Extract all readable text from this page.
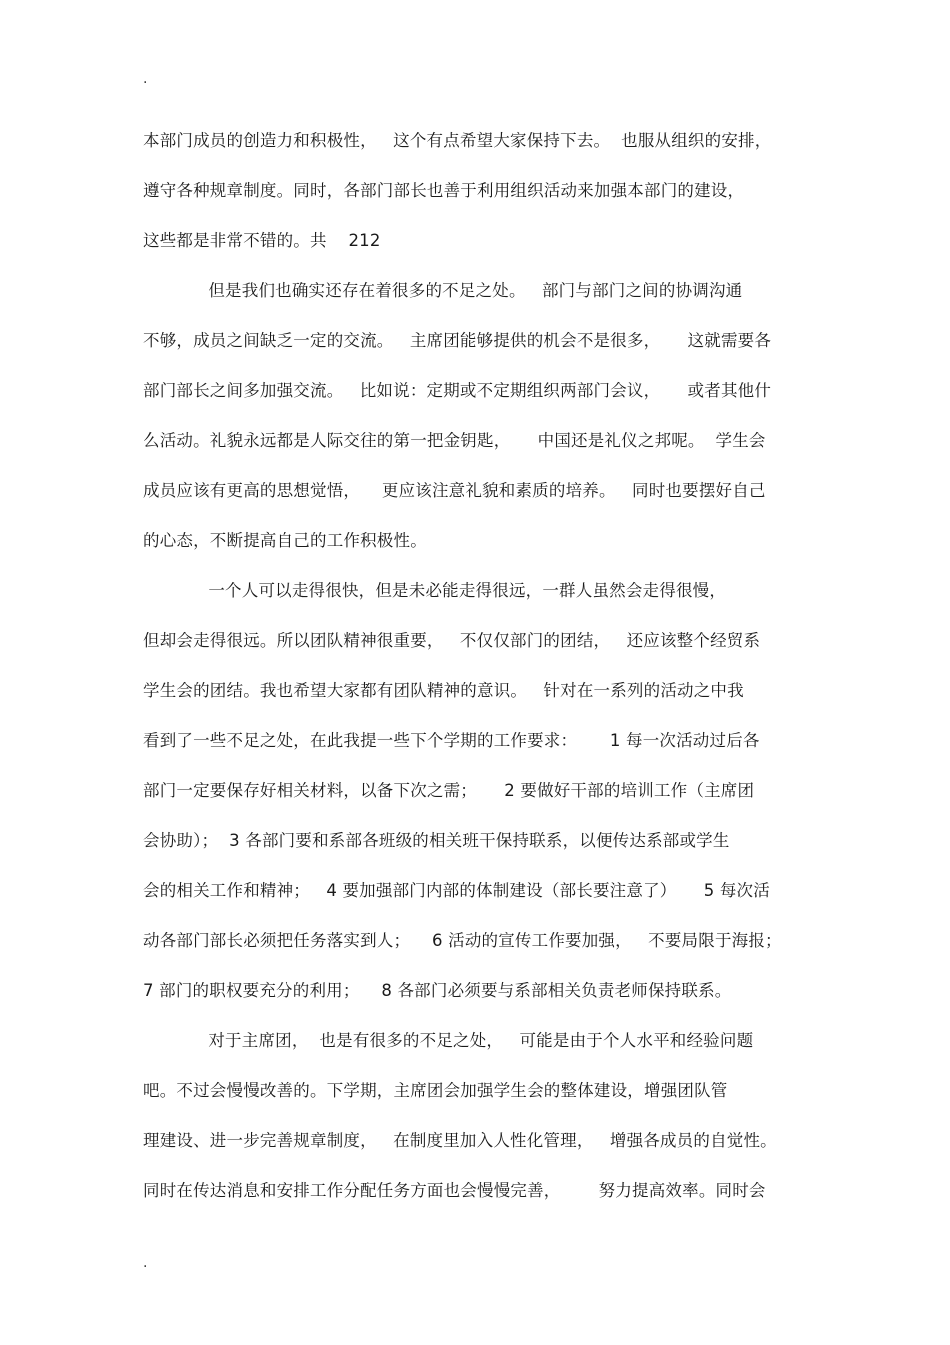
.
本部门成员的创造力和积极性，   这个有点希望大家保持下去。  也服从组织的安排，
遵守各种规章制度。同时，各部门部长也善于利用组织活动来加强本部门的建设，
这些都是非常不错的。共    212
但是我们也确实还存在着很多的不足之处。   部门与部门之间的协调沟通
不够，成员之间缺乏一定的交流。   主席团能够提供的机会不是很多，     这就需要各
部门部长之间多加强交流。   比如说：定期或不定期组织两部门会议，     或者其他什
么活动。礼貌永远都是人际交往的第一把金钥匙，     中国还是礼仪之邦呢。  学生会
成员应该有更高的思想觉悟，    更应该注意礼貌和素质的培养。   同时也要摆好自己
的心态，不断提高自己的工作积极性。
一个人可以走得很快，但是未必能走得很远，一群人虽然会走得很慢，
但却会走得很远。所以团队精神很重要，   不仅仅部门的团结，   还应该整个经贸系
学生会的团结。我也希望大家都有团队精神的意识。   针对在一系列的活动之中我
看到了一些不足之处，在此我提一些下个学期的工作要求：      1 每一次活动过后各
部门一定要保存好相关材料，以备下次之需；     2 要做好干部的培训工作（主席团
会协助）；  3 各部门要和系部各班级的相关班干保持联系，以便传达系部或学生
会的相关工作和精神；   4 要加强部门内部的体制建设（部长要注意了）     5 每次活
动各部门部长必须把任务落实到人；    6 活动的宣传工作要加强，   不要局限于海报；
7 部门的职权要充分的利用；    8 各部门必须要与系部相关负责老师保持联系。
对于主席团，  也是有很多的不足之处，   可能是由于个人水平和经验问题
吧。不过会慢慢改善的。下学期，主席团会加强学生会的整体建设，增强团队管
理建设、进一步完善规章制度，   在制度里加入人性化管理，   增强各成员的自觉性。
同时在传达消息和安排工作分配任务方面也会慢慢完善，       努力提高效率。同时会
.
